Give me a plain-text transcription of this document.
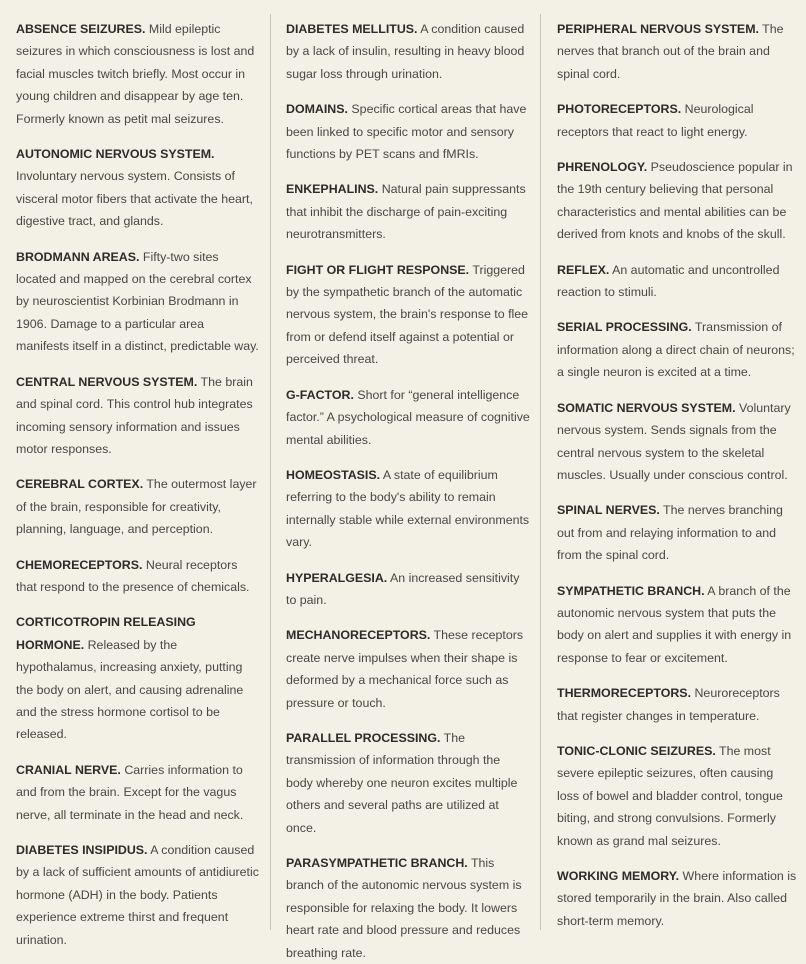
ABSENCE SEIZURES. Mild epileptic seizures in which consciousness is lost and facial muscles twitch briefly. Most occur in young children and disappear by age ten. Formerly known as petit mal seizures.

AUTONOMIC NERVOUS SYSTEM. Involuntary nervous system. Consists of visceral motor fibers that activate the heart, digestive tract, and glands.

BRODMANN AREAS. Fifty-two sites located and mapped on the cerebral cortex by neuroscientist Korbinian Brodmann in 1906. Damage to a particular area manifests itself in a distinct, predictable way.

CENTRAL NERVOUS SYSTEM. The brain and spinal cord. This control hub integrates incoming sensory information and issues motor responses.

CEREBRAL CORTEX. The outermost layer of the brain, responsible for creativity, planning, language, and perception.

CHEMORECEPTORS. Neural receptors that respond to the presence of chemicals.

CORTICOTROPIN RELEASING HORMONE. Released by the hypothalamus, increasing anxiety, putting the body on alert, and causing adrenaline and the stress hormone cortisol to be released.

CRANIAL NERVE. Carries information to and from the brain. Except for the vagus nerve, all terminate in the head and neck.

DIABETES INSIPIDUS. A condition caused by a lack of sufficient amounts of antidiuretic hormone (ADH) in the body. Patients experience extreme thirst and frequent urination.

DIABETES MELLITUS. A condition caused by a lack of insulin, resulting in heavy blood sugar loss through urination.

DOMAINS. Specific cortical areas that have been linked to specific motor and sensory functions by PET scans and fMRIs.

ENKEPHALINS. Natural pain suppressants that inhibit the discharge of pain-exciting neurotransmitters.

FIGHT OR FLIGHT RESPONSE. Triggered by the sympathetic branch of the automatic nervous system, the brain's response to flee from or defend itself against a potential or perceived threat.

G-FACTOR. Short for “general intelligence factor.” A psychological measure of cognitive mental abilities.

HOMEOSTASIS. A state of equilibrium referring to the body's ability to remain internally stable while external environments vary.

HYPERALGESIA. An increased sensitivity to pain.

MECHANORECEPTORS. These receptors create nerve impulses when their shape is deformed by a mechanical force such as pressure or touch.

PARALLEL PROCESSING. The transmission of information through the body whereby one neuron excites multiple others and several paths are utilized at once.

PARASYMPATHETIC BRANCH. This branch of the autonomic nervous system is responsible for relaxing the body. It lowers heart rate and blood pressure and reduces breathing rate.

PERIPHERAL NERVOUS SYSTEM. The nerves that branch out of the brain and spinal cord.

PHOTORECEPTORS. Neurological receptors that react to light energy.

PHRENOLOGY. Pseudoscience popular in the 19th century believing that personal characteristics and mental abilities can be derived from knots and knobs of the skull.

REFLEX. An automatic and uncontrolled reaction to stimuli.

SERIAL PROCESSING. Transmission of information along a direct chain of neurons; a single neuron is excited at a time.

SOMATIC NERVOUS SYSTEM. Voluntary nervous system. Sends signals from the central nervous system to the skeletal muscles. Usually under conscious control.

SPINAL NERVES. The nerves branching out from and relaying information to and from the spinal cord.

SYMPATHETIC BRANCH. A branch of the autonomic nervous system that puts the body on alert and supplies it with energy in response to fear or excitement.

THERMORECEPTORS. Neuroreceptors that register changes in temperature.

TONIC-CLONIC SEIZURES. The most severe epileptic seizures, often causing loss of bowel and bladder control, tongue biting, and strong convulsions. Formerly known as grand mal seizures.

WORKING MEMORY. Where information is stored temporarily in the brain. Also called short-term memory.
